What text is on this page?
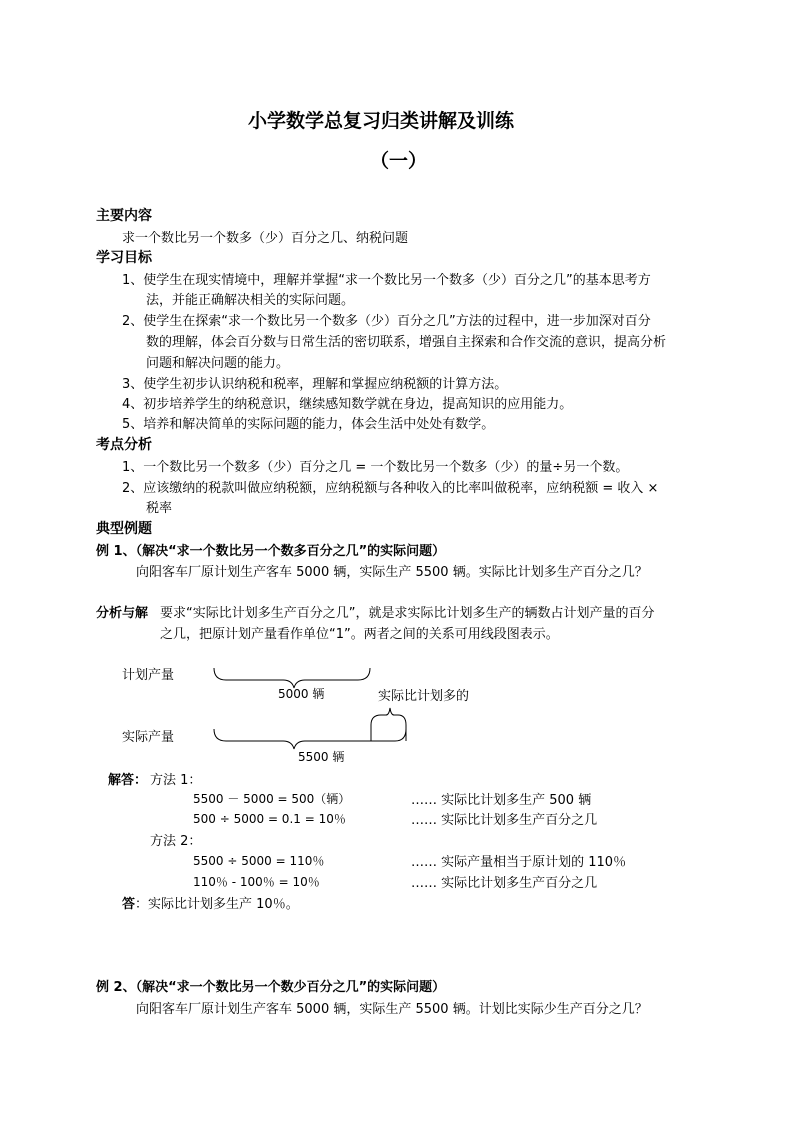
小学数学总复习归类讲解及训练
（一）
主要内容
求一个数比另一个数多（少）百分之几、纳税问题
学习目标
1、使学生在现实情境中，理解并掌握“求一个数比另一个数多（少）百分之几”的基本思考方
法，并能正确解决相关的实际问题。
2、使学生在探索“求一个数比另一个数多（少）百分之几”方法的过程中，进一步加深对百分
数的理解，体会百分数与日常生活的密切联系，增强自主探索和合作交流的意识，提高分析
问题和解决问题的能力。
3、使学生初步认识纳税和税率，理解和掌握应纳税额的计算方法。
4、初步培养学生的纳税意识，继续感知数学就在身边，提高知识的应用能力。
5、培养和解决简单的实际问题的能力，体会生活中处处有数学。
考点分析
1、一个数比另一个数多（少）百分之几 = 一个数比另一个数多（少）的量÷另一个数。
2、应该缴纳的税款叫做应纳税额，应纳税额与各种收入的比率叫做税率，应纳税额 = 收入 ×
税率
典型例题
例 1、（解决“求一个数比另一个数多百分之几”的实际问题）
向阳客车厂原计划生产客车 5000 辆，实际生产 5500 辆。实际比计划多生产百分之几？
分析与解 要求“实际比计划多生产百分之几”，就是求实际比计划多生产的辆数占计划产量的百分
之几，把原计划产量看作单位“1”。两者之间的关系可用线段图表示。
计划产量
5000 辆	实际比计划多的
实际产量
5500 辆
解答： 方法 1：
5500 － 5000 = 500（辆）	…… 实际比计划多生产 500 辆
500 ÷ 5000 = 0.1 = 10％	…… 实际比计划多生产百分之几
方法 2：
5500 ÷ 5000 = 110％	…… 实际产量相当于原计划的 110％
110％ - 100％ = 10％	…… 实际比计划多生产百分之几
答：实际比计划多生产 10％。
例 2、（解决“求一个数比另一个数少百分之几”的实际问题）
向阳客车厂原计划生产客车 5000 辆，实际生产 5500 辆。计划比实际少生产百分之几？
